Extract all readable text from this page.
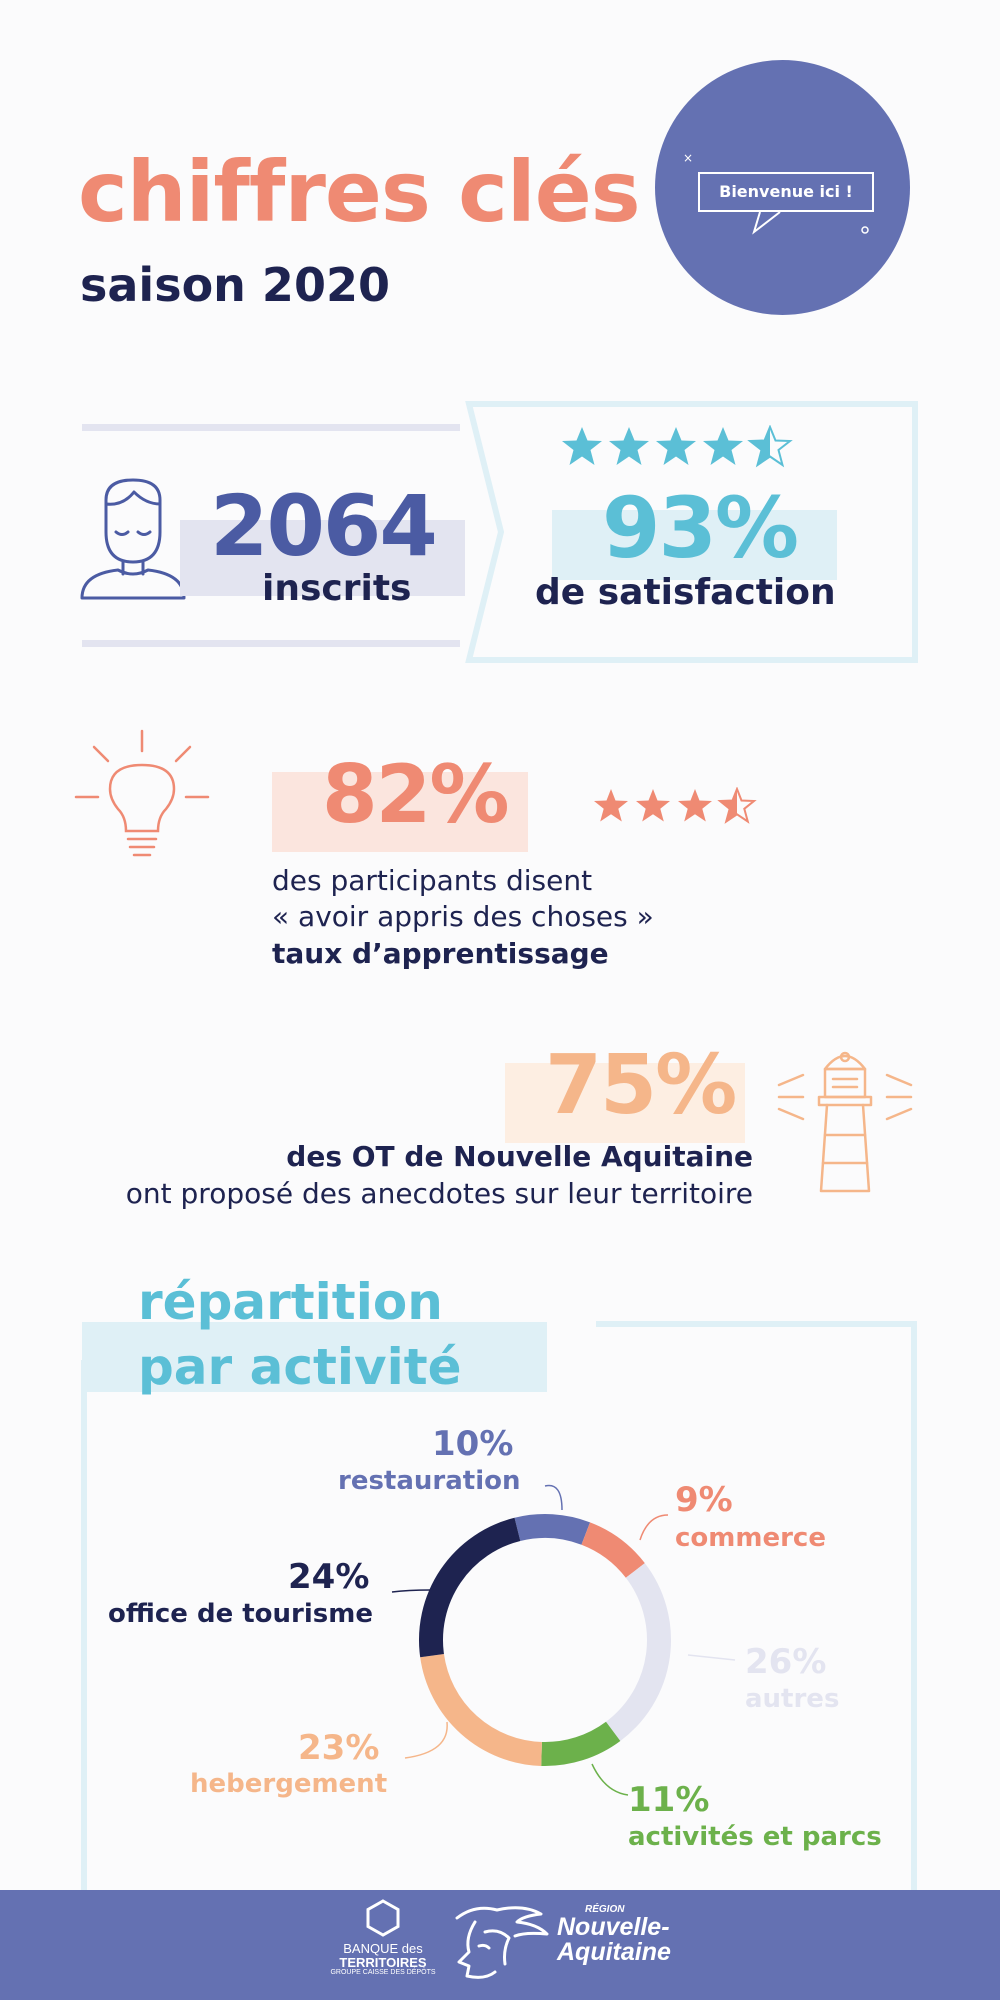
chiffres clés
saison 2020
×
Bienvenue ici !
2064
inscrits
93%
de satisfaction
82%
des participants disent
« avoir appris des choses »
taux d’apprentissage
75%
des OT de Nouvelle Aquitaine
ont proposé des anecdotes sur leur territoire
répartition
par activité
10%
restauration	9%
commerce
26%
autres
11%
activités et parcs
23%
hebergement
24%
office de tourisme
BANQUE des
TERRITOIRES
GROUPE CAISSE DES DÉPÔTS
RÉGION
Nouvelle-
Aquitaine
